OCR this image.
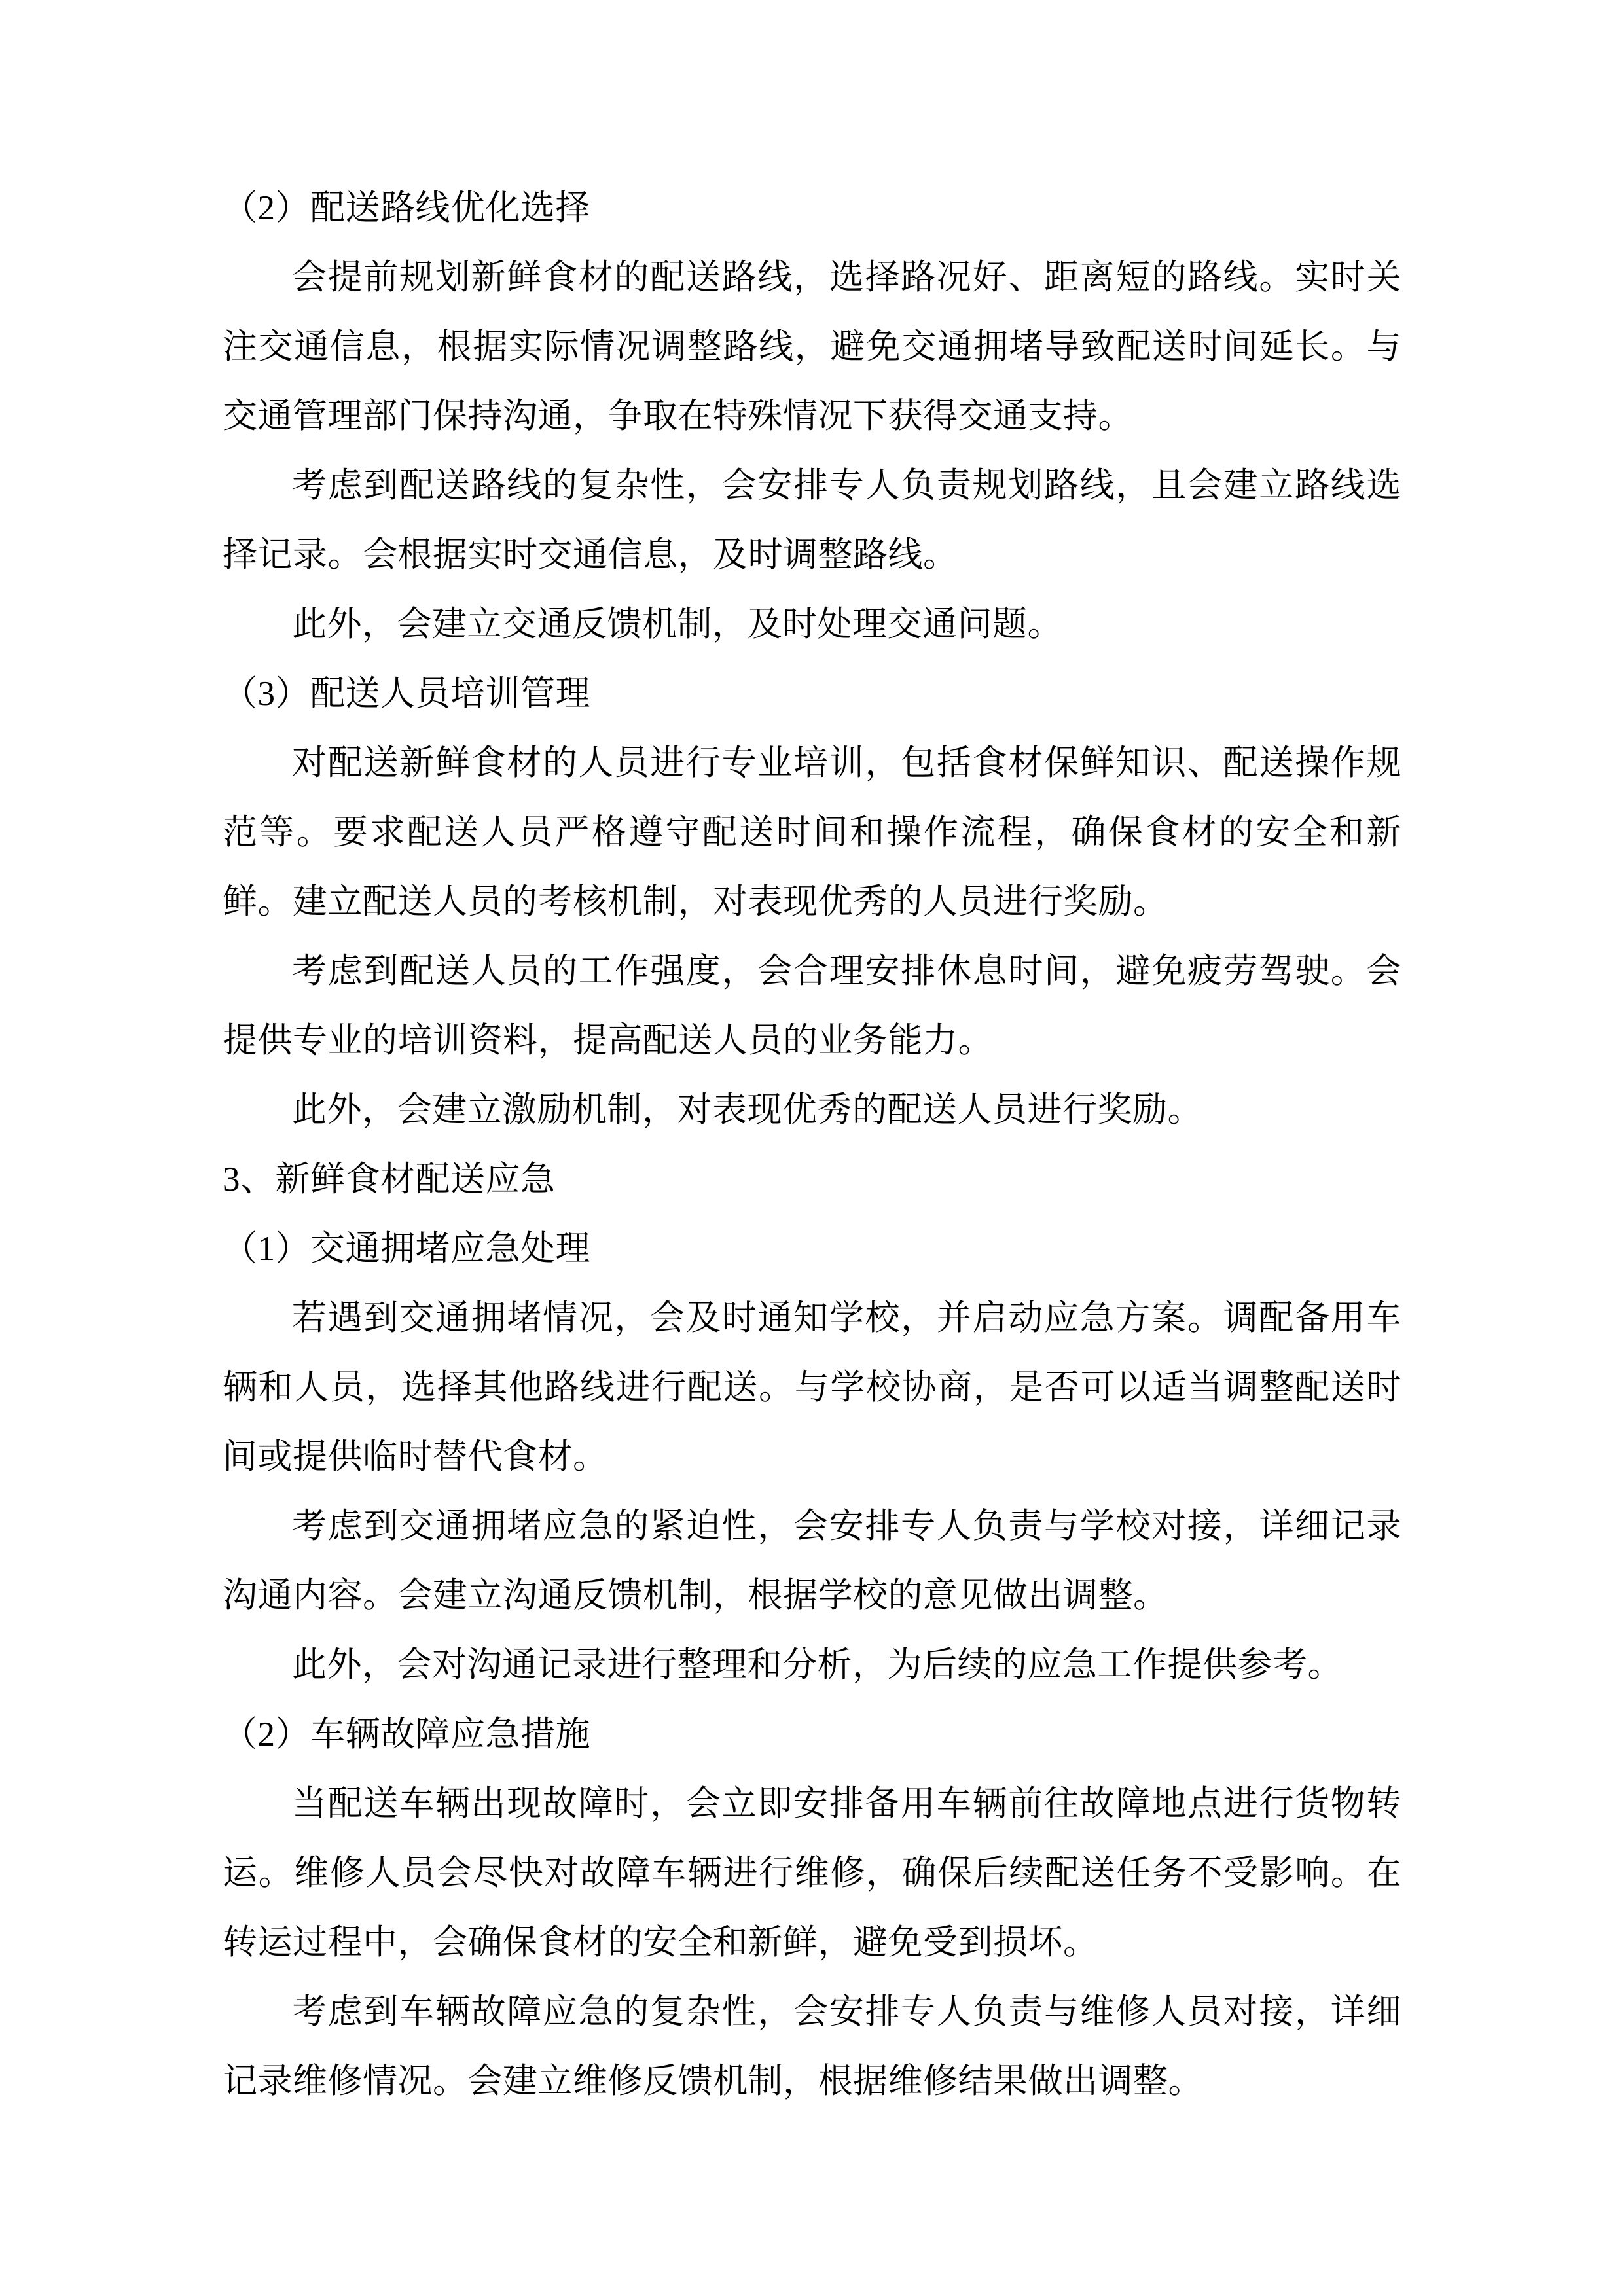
（2）配送路线优化选择

会提前规划新鲜食材的配送路线，选择路况好、距离短的路线。实时关注交通信息，根据实际情况调整路线，避免交通拥堵导致配送时间延长。与交通管理部门保持沟通，争取在特殊情况下获得交通支持。

考虑到配送路线的复杂性，会安排专人负责规划路线，且会建立路线选择记录。会根据实时交通信息，及时调整路线。

此外，会建立交通反馈机制，及时处理交通问题。

（3）配送人员培训管理

对配送新鲜食材的人员进行专业培训，包括食材保鲜知识、配送操作规范等。要求配送人员严格遵守配送时间和操作流程，确保食材的安全和新鲜。建立配送人员的考核机制，对表现优秀的人员进行奖励。

考虑到配送人员的工作强度，会合理安排休息时间，避免疲劳驾驶。会提供专业的培训资料，提高配送人员的业务能力。

此外，会建立激励机制，对表现优秀的配送人员进行奖励。

3、新鲜食材配送应急

（1）交通拥堵应急处理

若遇到交通拥堵情况，会及时通知学校，并启动应急方案。调配备用车辆和人员，选择其他路线进行配送。与学校协商，是否可以适当调整配送时间或提供临时替代食材。

考虑到交通拥堵应急的紧迫性，会安排专人负责与学校对接，详细记录沟通内容。会建立沟通反馈机制，根据学校的意见做出调整。

此外，会对沟通记录进行整理和分析，为后续的应急工作提供参考。

（2）车辆故障应急措施

当配送车辆出现故障时，会立即安排备用车辆前往故障地点进行货物转运。维修人员会尽快对故障车辆进行维修，确保后续配送任务不受影响。在转运过程中，会确保食材的安全和新鲜，避免受到损坏。

考虑到车辆故障应急的复杂性，会安排专人负责与维修人员对接，详细记录维修情况。会建立维修反馈机制，根据维修结果做出调整。
